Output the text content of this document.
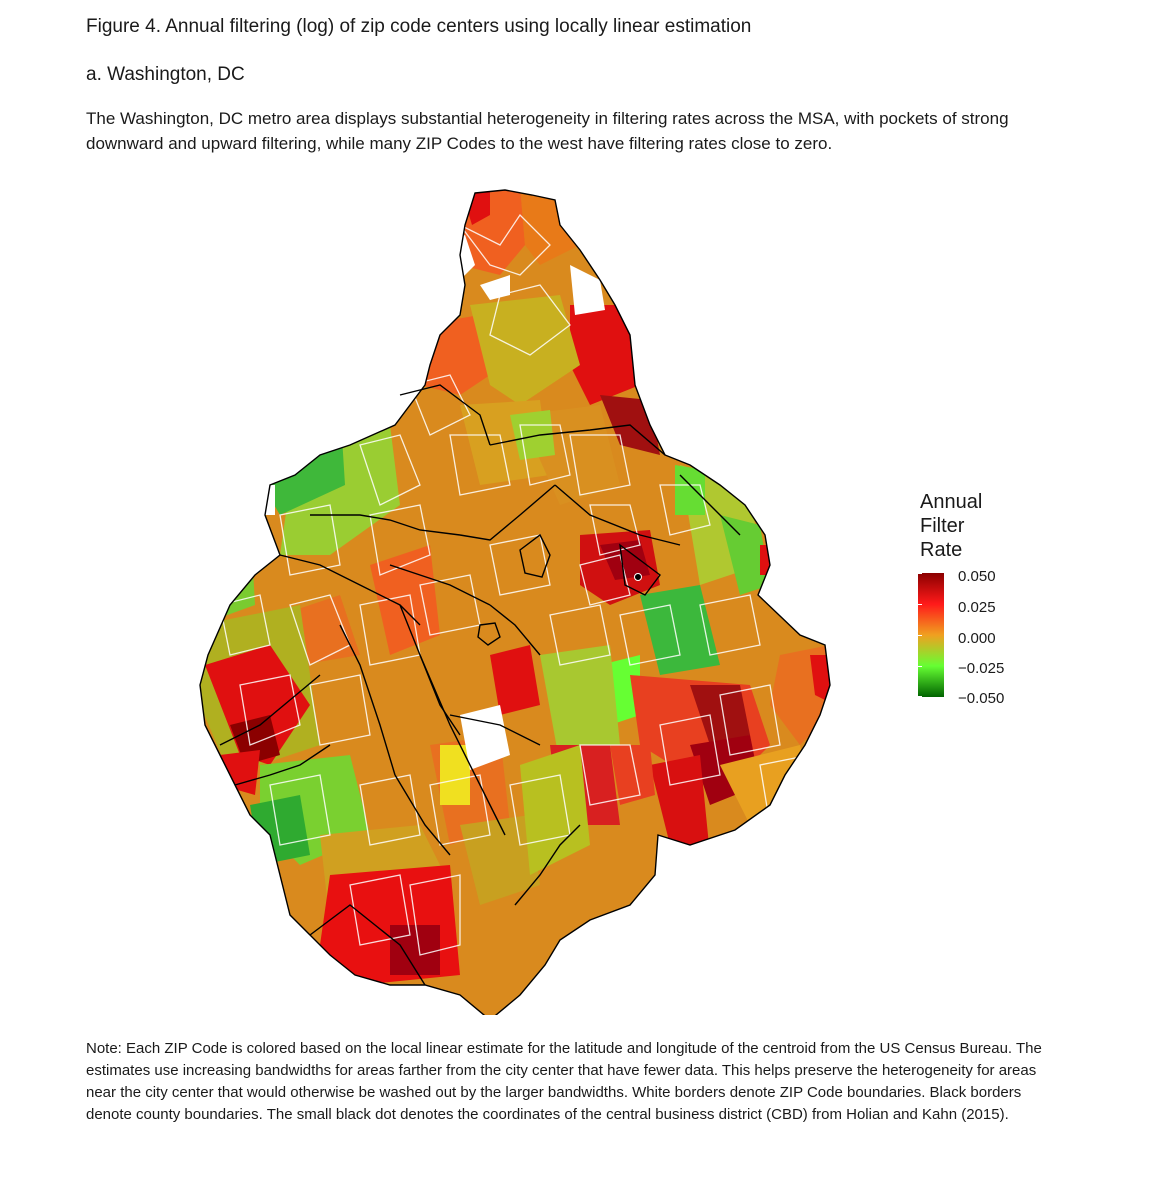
Figure 4. Annual filtering (log) of zip code centers using locally linear estimation
a. Washington, DC
The Washington, DC metro area displays substantial heterogeneity in filtering rates across the MSA, with pockets of strong downward and upward filtering, while many ZIP Codes to the west have filtering rates close to zero.
Annual
Filter
Rate
0.050
0.025
0.000
−0.025
−0.050
Note: Each ZIP Code is colored based on the local linear estimate for the latitude and longitude of the centroid from the US Census Bureau. The estimates use increasing bandwidths for areas farther from the city center that have fewer data. This helps preserve the heterogeneity for areas near the city center that would otherwise be washed out by the larger bandwidths. White borders denote ZIP Code boundaries. Black borders denote county boundaries. The small black dot denotes the coordinates of the central business district (CBD) from Holian and Kahn (2015).
